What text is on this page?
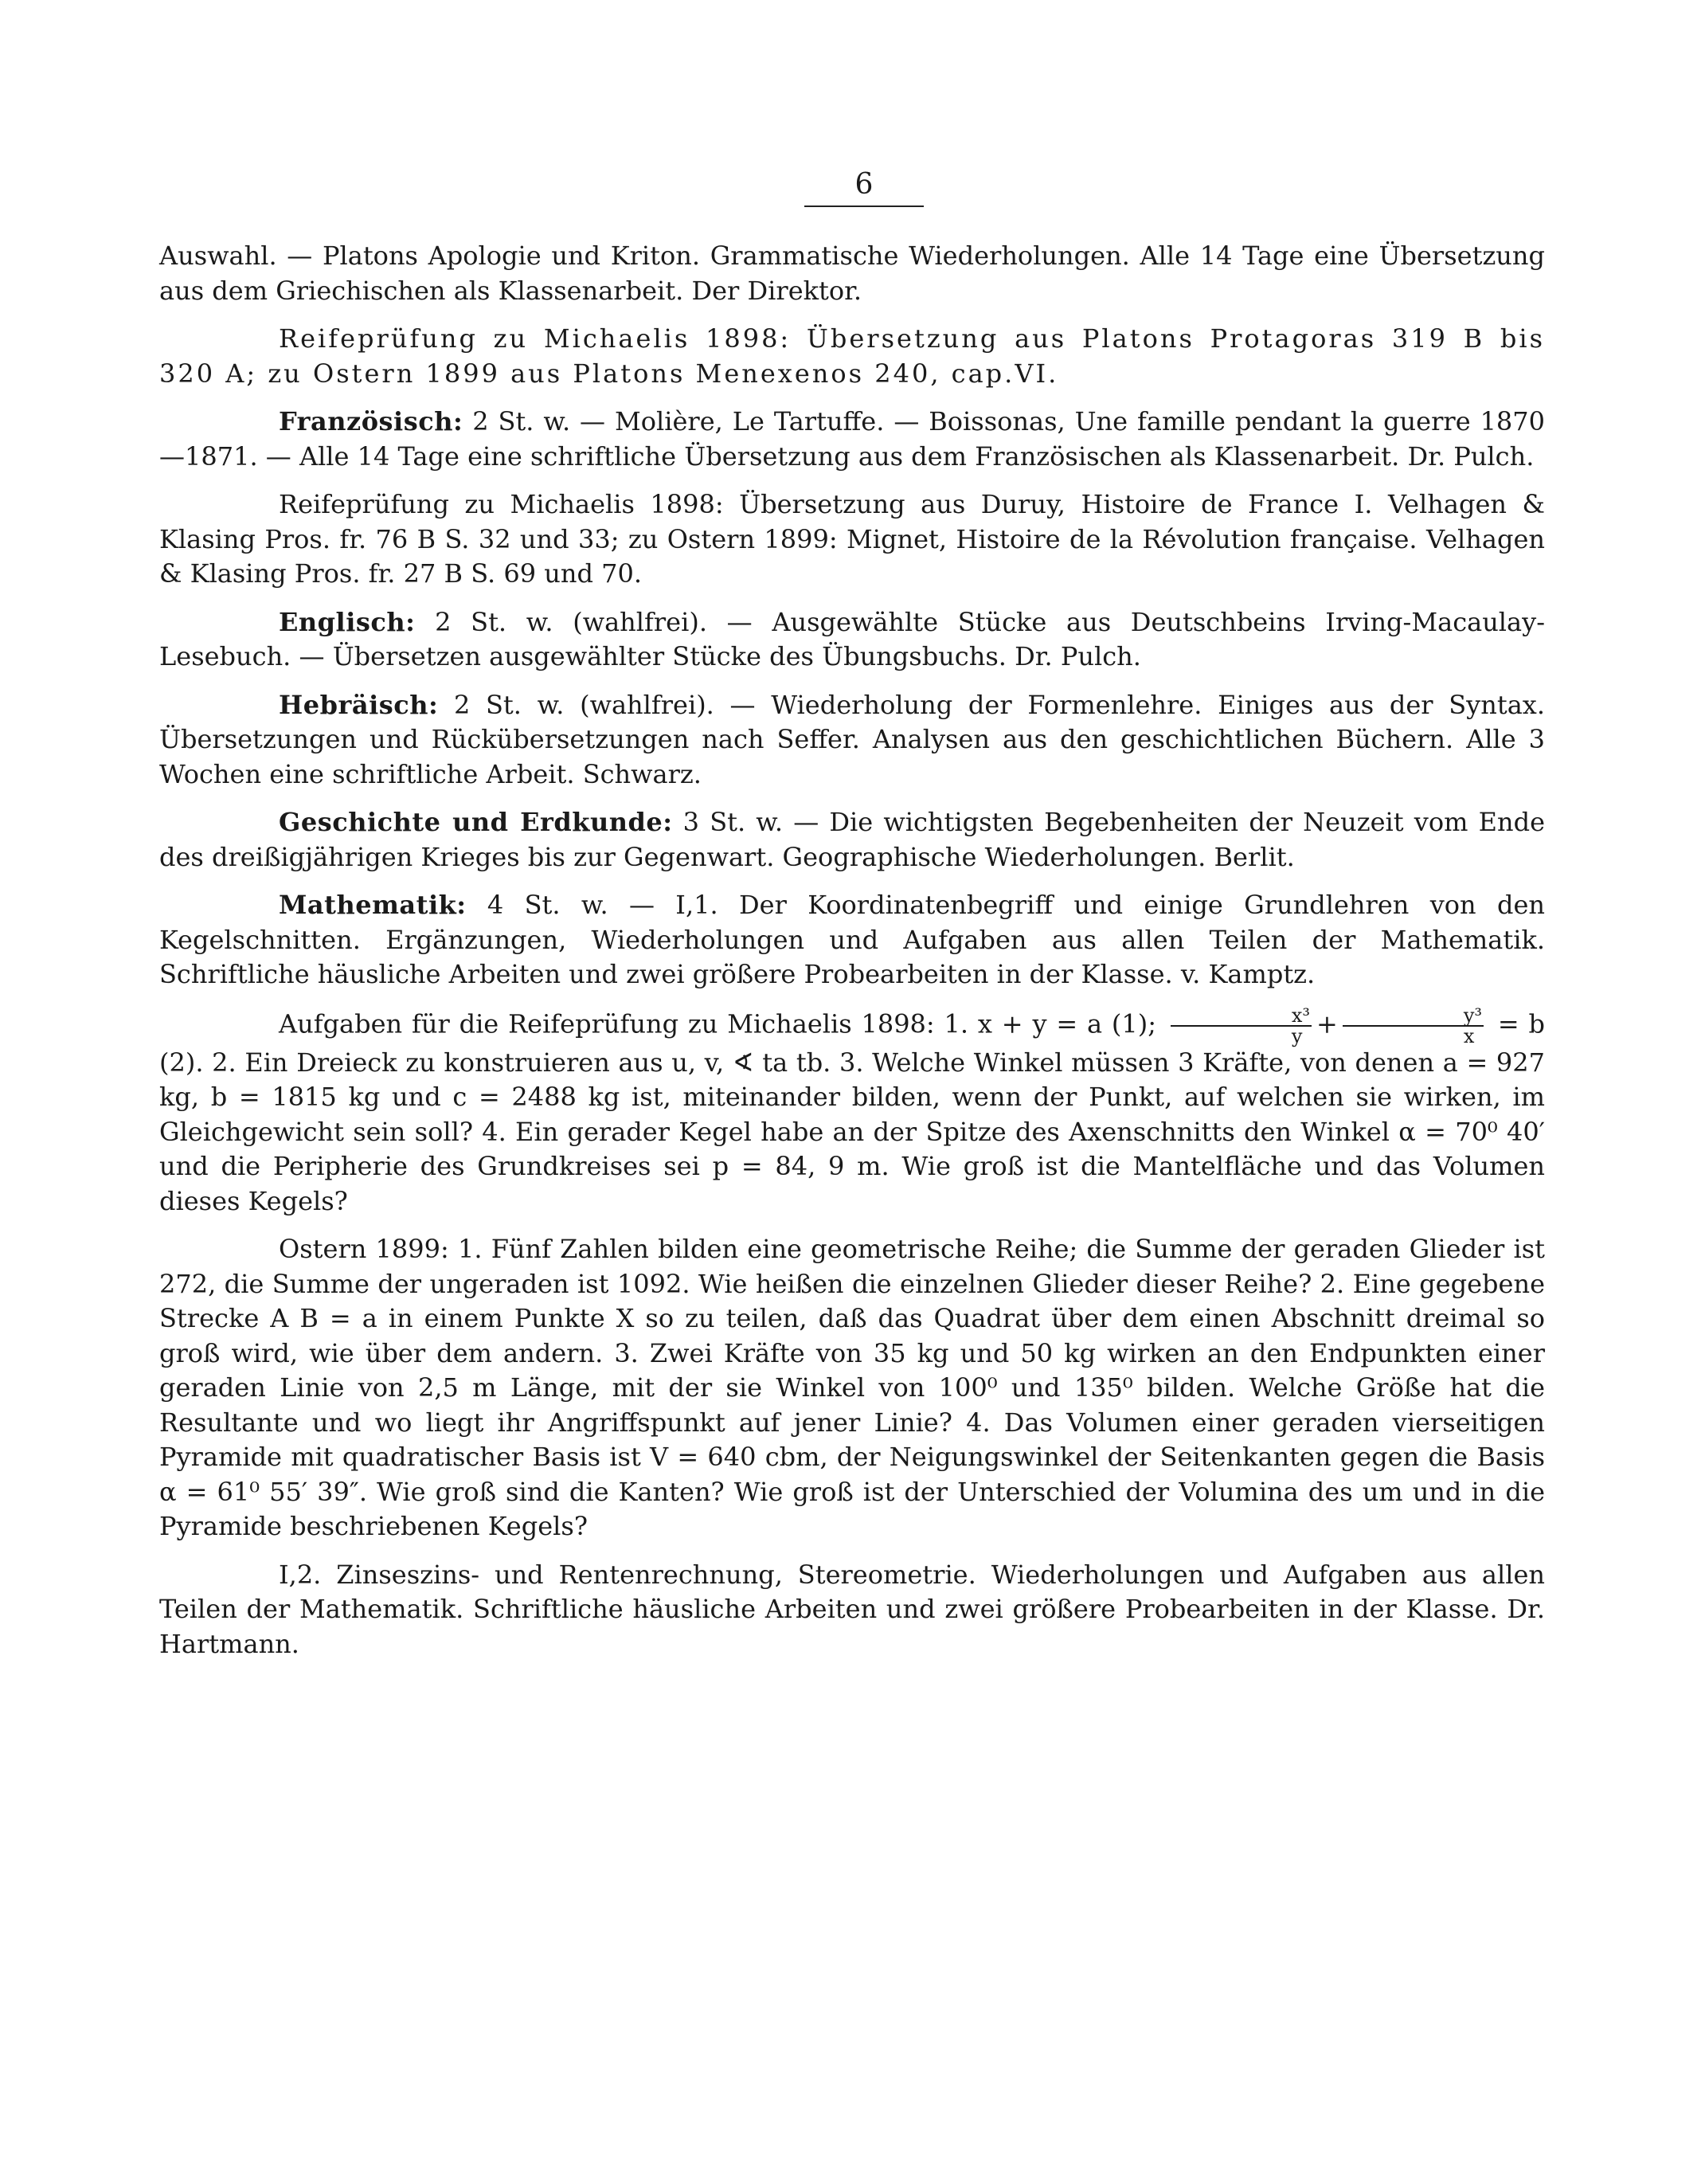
6

Auswahl. — Platons Apologie und Kriton. Grammatische Wiederholungen. Alle 14 Tage eine Übersetzung aus dem Griechischen als Klassenarbeit. Der Direktor.

Reifeprüfung zu Michaelis 1898: Übersetzung aus Platons Protagoras 319 B bis 320 A; zu Ostern 1899 aus Platons Menexenos 240, cap.VI.

Französisch: 2 St. w. — Molière, Le Tartuffe. — Boissonas, Une famille pendant la guerre 1870—1871. — Alle 14 Tage eine schriftliche Übersetzung aus dem Französischen als Klassenarbeit. Dr. Pulch.

Reifeprüfung zu Michaelis 1898: Übersetzung aus Duruy, Histoire de France I. Velhagen & Klasing Pros. fr. 76 B S. 32 und 33; zu Ostern 1899: Mignet, Histoire de la Révolution française. Velhagen & Klasing Pros. fr. 27 B S. 69 und 70.

Englisch: 2 St. w. (wahlfrei). — Ausgewählte Stücke aus Deutschbeins Irving-Macaulay-Lesebuch. — Übersetzen ausgewählter Stücke des Übungsbuchs. Dr. Pulch.

Hebräisch: 2 St. w. (wahlfrei). — Wiederholung der Formenlehre. Einiges aus der Syntax. Übersetzungen und Rückübersetzungen nach Seffer. Analysen aus den geschichtlichen Büchern. Alle 3 Wochen eine schriftliche Arbeit. Schwarz.

Geschichte und Erdkunde: 3 St. w. — Die wichtigsten Begebenheiten der Neuzeit vom Ende des dreißigjährigen Krieges bis zur Gegenwart. Geographische Wiederholungen. Berlit.

Mathematik: 4 St. w. — I,1. Der Koordinatenbegriff und einige Grundlehren von den Kegelschnitten. Ergänzungen, Wiederholungen und Aufgaben aus allen Teilen der Mathematik. Schriftliche häusliche Arbeiten und zwei größere Probearbeiten in der Klasse. v. Kamptz.

Aufgaben für die Reifeprüfung zu Michaelis 1898: 1. x + y = a (1); $\frac{\text{x³}}{y} + \frac{\text{y³}}{x} = b$ (2). 2. Ein Dreieck zu konstruieren aus u, v, ∢ ta tb. 3. Welche Winkel müssen 3 Kräfte, von denen a = 927 kg, b = 1815 kg und c = 2488 kg ist, miteinander bilden, wenn der Punkt, auf welchen sie wirken, im Gleichgewicht sein soll? 4. Ein gerader Kegel habe an der Spitze des Axenschnitts den Winkel α = 70⁰ 40′ und die Peripherie des Grundkreises sei p = 84, 9 m. Wie groß ist die Mantelfläche und das Volumen dieses Kegels?

Ostern 1899: 1. Fünf Zahlen bilden eine geometrische Reihe; die Summe der geraden Glieder ist 272, die Summe der ungeraden ist 1092. Wie heißen die einzelnen Glieder dieser Reihe? 2. Eine gegebene Strecke A B = a in einem Punkte X so zu teilen, daß das Quadrat über dem einen Abschnitt dreimal so groß wird, wie über dem andern. 3. Zwei Kräfte von 35 kg und 50 kg wirken an den Endpunkten einer geraden Linie von 2,5 m Länge, mit der sie Winkel von 100⁰ und 135⁰ bilden. Welche Größe hat die Resultante und wo liegt ihr Angriffspunkt auf jener Linie? 4. Das Volumen einer geraden vierseitigen Pyramide mit quadratischer Basis ist V = 640 cbm, der Neigungswinkel der Seitenkanten gegen die Basis α = 61⁰ 55′ 39″. Wie groß sind die Kanten? Wie groß ist der Unterschied der Volumina des um und in die Pyramide beschriebenen Kegels?

I,2. Zinseszins- und Rentenrechnung, Stereometrie. Wiederholungen und Aufgaben aus allen Teilen der Mathematik. Schriftliche häusliche Arbeiten und zwei größere Probearbeiten in der Klasse. Dr. Hartmann.
